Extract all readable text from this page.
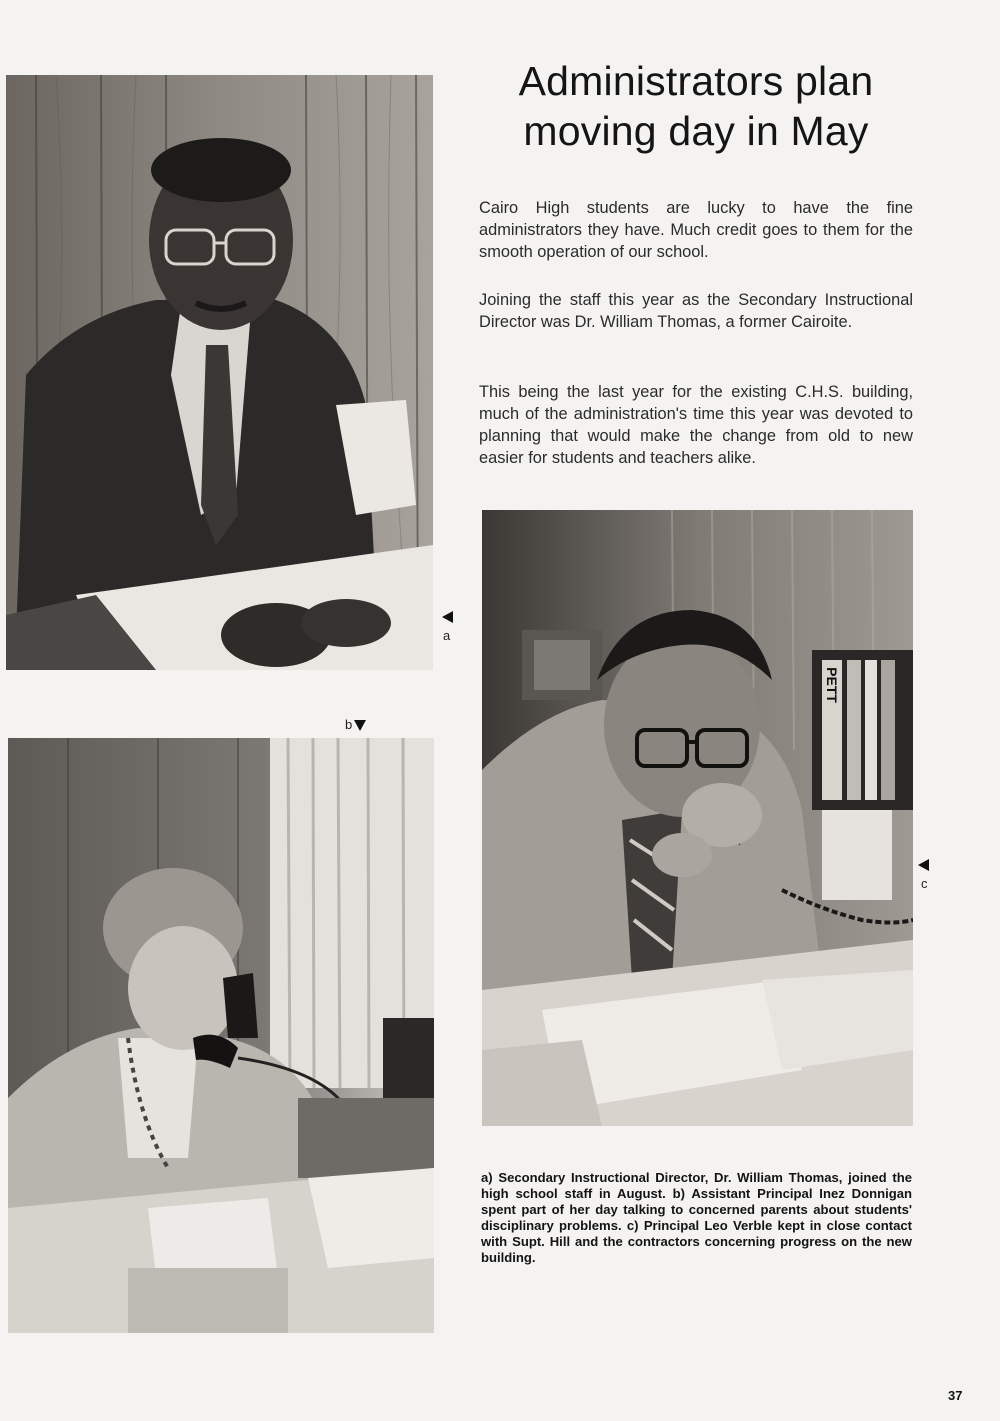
a
b
Administrators plan moving day in May

Cairo High students are lucky to have the fine administrators they have. Much credit goes to them for the smooth operation of our school.

Joining the staff this year as the Secondary Instructional Director was Dr. William Thomas, a former Cairoite.

This being the last year for the existing C.H.S. building, much of the administration's time this year was devoted to planning that would make the change from old to new easier for students and teachers alike.

PETT
c

a) Secondary Instructional Director, Dr. William Thomas, joined the high school staff in August. b) Assistant Principal Inez Donnigan spent part of her day talking to concerned parents about students' disciplinary problems. c) Principal Leo Verble kept in close contact with Supt. Hill and the contractors concerning progress on the new building.

37
